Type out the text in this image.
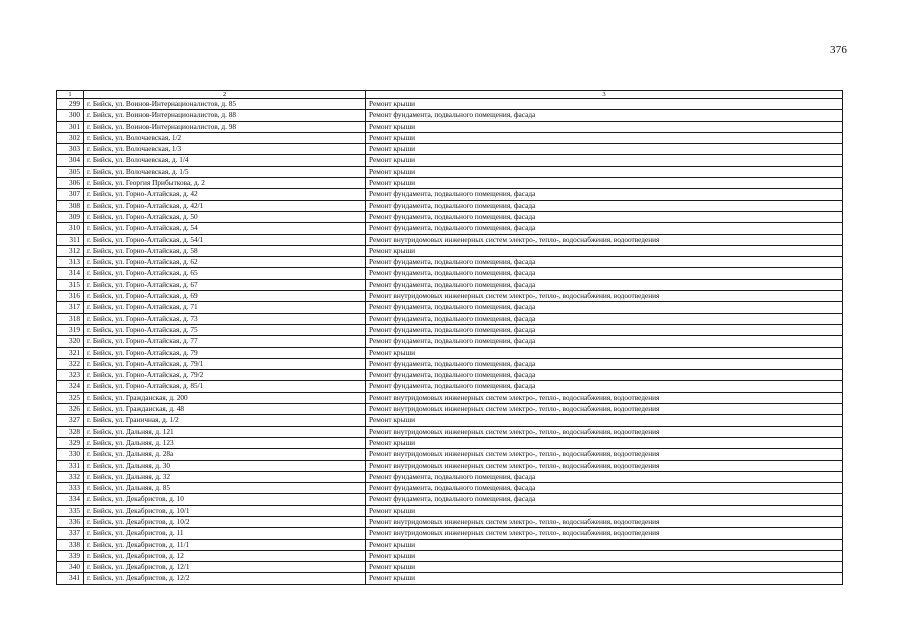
376
1	2	3
299	г. Бийск, ул. Воинов-Интернационалистов, д. 85	Ремонт крыши
300	г. Бийск, ул. Воинов-Интернационалистов, д. 88	Ремонт фундамента, подвального помещения, фасада
301	г. Бийск, ул. Воинов-Интернационалистов, д. 98	Ремонт крыши
302	г. Бийск, ул. Волочаевская, 1/2	Ремонт крыши
303	г. Бийск, ул. Волочаевская, 1/3	Ремонт крыши
304	г. Бийск, ул. Волочаевская, д. 1/4	Ремонт крыши
305	г. Бийск, ул. Волочаевская, д. 1/5	Ремонт крыши
306	г. Бийск, ул. Георгия Прибыткова, д. 2	Ремонт крыши
307	г. Бийск, ул. Горно-Алтайская, д. 42	Ремонт фундамента, подвального помещения, фасада
308	г. Бийск, ул. Горно-Алтайская, д. 42/1	Ремонт фундамента, подвального помещения, фасада
309	г. Бийск, ул. Горно-Алтайская, д. 50	Ремонт фундамента, подвального помещения, фасада
310	г. Бийск, ул. Горно-Алтайская, д. 54	Ремонт фундамента, подвального помещения, фасада
311	г. Бийск, ул. Горно-Алтайская, д. 54/1	Ремонт внутридомовых инженерных систем электро-, тепло-, водоснабжения, водоотведения
312	г. Бийск, ул. Горно-Алтайская, д. 58	Ремонт крыши
313	г. Бийск, ул. Горно-Алтайская, д. 62	Ремонт фундамента, подвального помещения, фасада
314	г. Бийск, ул. Горно-Алтайская, д. 65	Ремонт фундамента, подвального помещения, фасада
315	г. Бийск, ул. Горно-Алтайская, д. 67	Ремонт фундамента, подвального помещения, фасада
316	г. Бийск, ул. Горно-Алтайская, д. 69	Ремонт внутридомовых инженерных систем электро-, тепло-, водоснабжения, водоотведения
317	г. Бийск, ул. Горно-Алтайская, д. 71	Ремонт фундамента, подвального помещения, фасада
318	г. Бийск, ул. Горно-Алтайская, д. 73	Ремонт фундамента, подвального помещения, фасада
319	г. Бийск, ул. Горно-Алтайская, д. 75	Ремонт фундамента, подвального помещения, фасада
320	г. Бийск, ул. Горно-Алтайская, д. 77	Ремонт фундамента, подвального помещения, фасада
321	г. Бийск, ул. Горно-Алтайская, д. 79	Ремонт крыши
322	г. Бийск, ул. Горно-Алтайская, д. 79/1	Ремонт фундамента, подвального помещения, фасада
323	г. Бийск, ул. Горно-Алтайская, д. 79/2	Ремонт фундамента, подвального помещения, фасада
324	г. Бийск, ул. Горно-Алтайская, д. 85/1	Ремонт фундамента, подвального помещения, фасада
325	г. Бийск, ул. Гражданская, д. 200	Ремонт внутридомовых инженерных систем электро-, тепло-, водоснабжения, водоотведения
326	г. Бийск, ул. Гражданская, д. 48	Ремонт внутридомовых инженерных систем электро-, тепло-, водоснабжения, водоотведения
327	г. Бийск, ул. Граничная, д. 1/2	Ремонт крыши
328	г. Бийск, ул. Дальняя, д. 121	Ремонт внутридомовых инженерных систем электро-, тепло-, водоснабжения, водоотведения
329	г. Бийск, ул. Дальняя, д. 123	Ремонт крыши
330	г. Бийск, ул. Дальняя, д. 28а	Ремонт внутридомовых инженерных систем электро-, тепло-, водоснабжения, водоотведения
331	г. Бийск, ул. Дальняя, д. 30	Ремонт внутридомовых инженерных систем электро-, тепло-, водоснабжения, водоотведения
332	г. Бийск, ул. Дальняя, д. 32	Ремонт фундамента, подвального помещения, фасада
333	г. Бийск, ул. Дальняя, д. 85	Ремонт фундамента, подвального помещения, фасада
334	г. Бийск, ул. Декабристов, д. 10	Ремонт фундамента, подвального помещения, фасада
335	г. Бийск, ул. Декабристов, д. 10/1	Ремонт крыши
336	г. Бийск, ул. Декабристов, д. 10/2	Ремонт внутридомовых инженерных систем электро-, тепло-, водоснабжения, водоотведения
337	г. Бийск, ул. Декабристов, д. 11	Ремонт внутридомовых инженерных систем электро-, тепло-, водоснабжения, водоотведения
338	г. Бийск, ул. Декабристов, д. 11/1	Ремонт крыши
339	г. Бийск, ул. Декабристов, д. 12	Ремонт крыши
340	г. Бийск, ул. Декабристов, д. 12/1	Ремонт крыши
341	г. Бийск, ул. Декабристов, д. 12/2	Ремонт крыши
